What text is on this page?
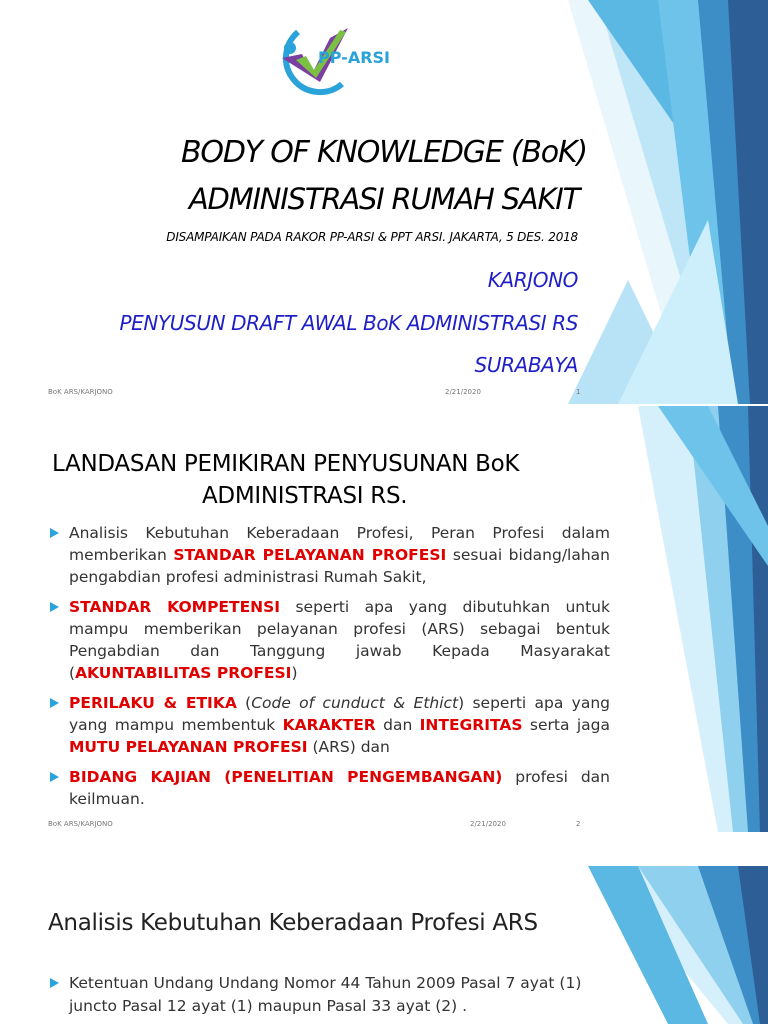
PP-ARSI
BODY OF KNOWLEDGE (BoK)
ADMINISTRASI RUMAH SAKIT
DISAMPAIKAN PADA RAKOR PP-ARSI & PPT ARSI. JAKARTA, 5 DES. 2018
KARJONO
PENYUSUN DRAFT AWAL BoK ADMINISTRASI RS
SURABAYA
BoK ARS/KARJONO	2/21/2020	1
LANDASAN PEMIKIRAN PENYUSUNAN BoK
ADMINISTRASI RS.
Analisis Kebutuhan Keberadaan Profesi, Peran Profesi dalam memberikan STANDAR PELAYANAN PROFESI sesuai bidang/lahan pengabdian profesi administrasi Rumah Sakit,
STANDAR KOMPETENSI seperti apa yang dibutuhkan untuk mampu memberikan pelayanan profesi (ARS) sebagai bentuk Pengabdian dan Tanggung jawab Kepada Masyarakat (AKUNTABILITAS PROFESI)
PERILAKU & ETIKA (Code of cunduct & Ethict) seperti apa yang yang mampu membentuk KARAKTER dan INTEGRITAS serta jaga MUTU PELAYANAN PROFESI (ARS) dan
BIDANG KAJIAN (PENELITIAN PENGEMBANGAN) profesi dan keilmuan.
BoK ARS/KARJONO	2/21/2020	2
Analisis Kebutuhan Keberadaan Profesi ARS
Ketentuan Undang Undang Nomor 44 Tahun 2009 Pasal 7 ayat (1) juncto Pasal 12 ayat (1) maupun Pasal 33 ayat (2) .
